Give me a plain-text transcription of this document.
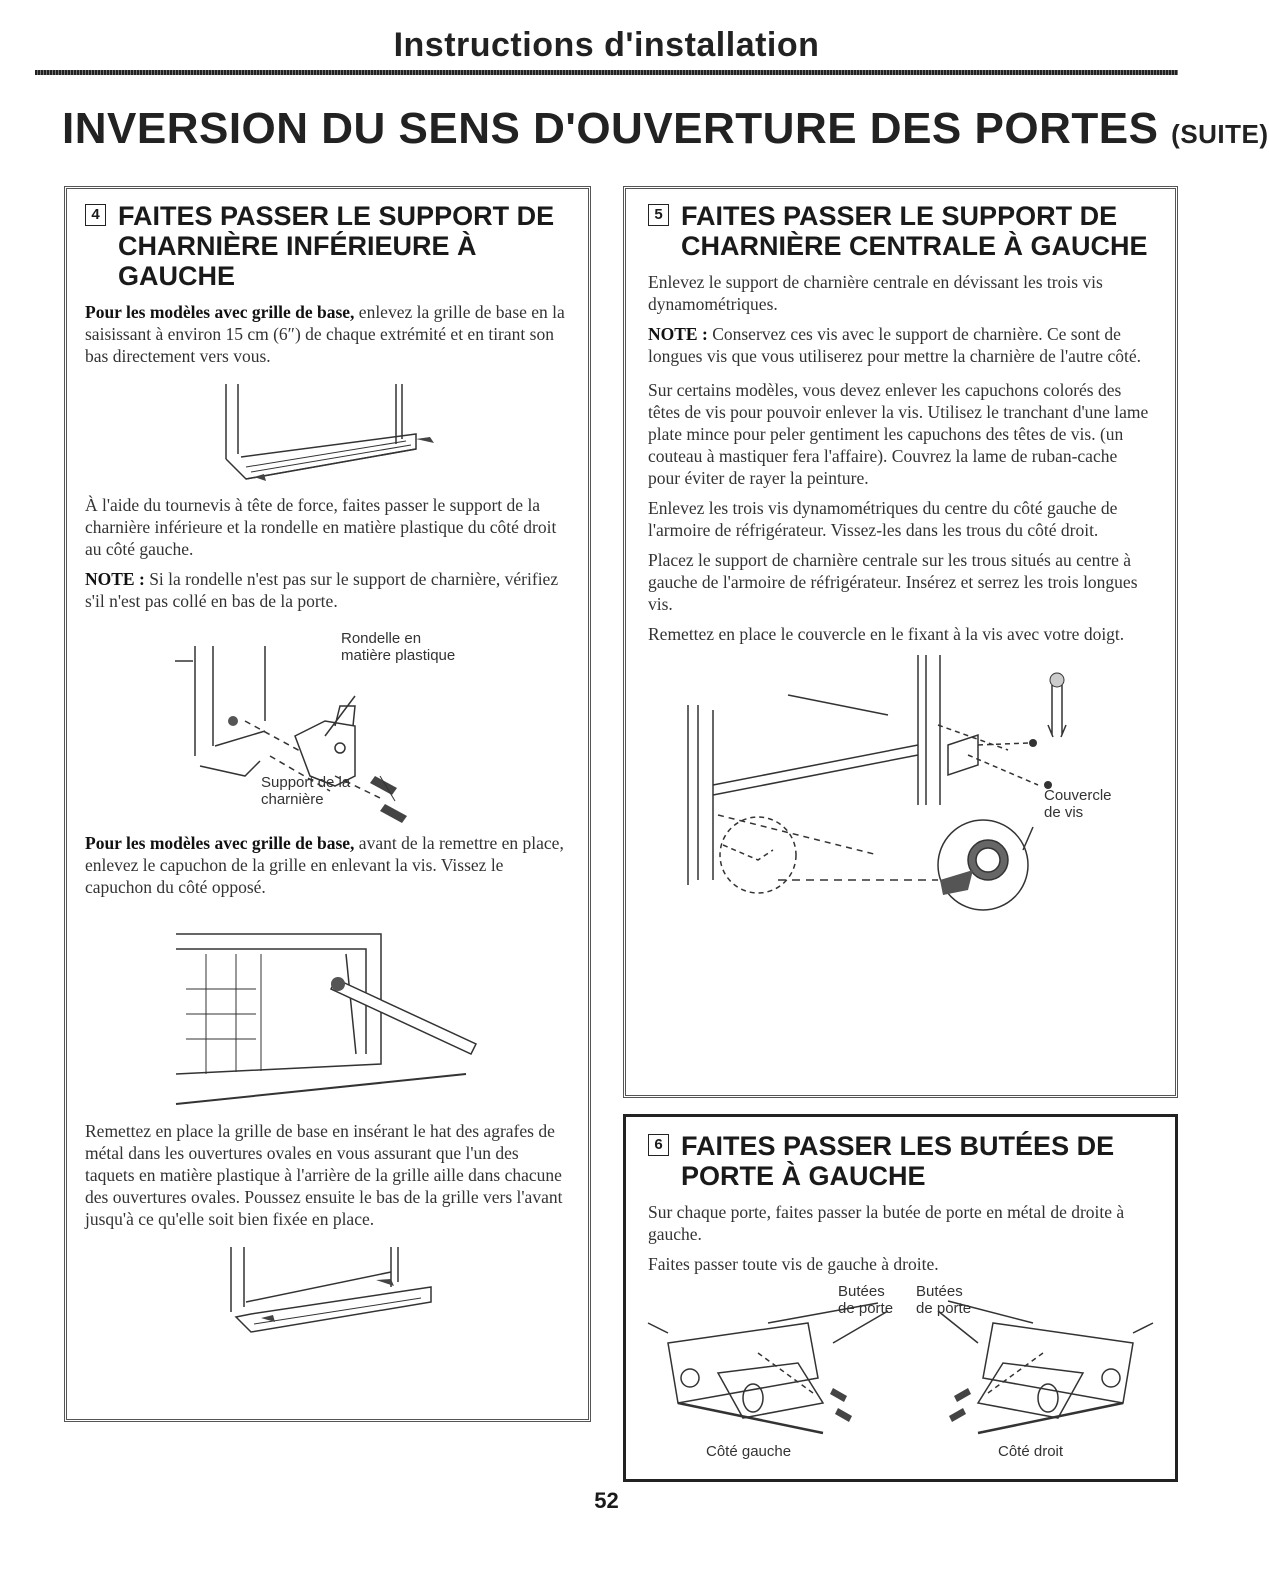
Instructions d'installation
INVERSION DU SENS D'OUVERTURE DES PORTES (SUITE)
4 FAITES PASSER LE SUPPORT DE CHARNIÈRE INFÉRIEURE À GAUCHE

Pour les modèles avec grille de base, enlevez la grille de base en la saisissant à environ 15 cm (6″) de chaque extrémité et en tirant son bas directement vers vous.

À l'aide du tournevis à tête de force, faites passer le support de la charnière inférieure et la rondelle en matière plastique du côté droit au côté gauche.

NOTE : Si la rondelle n'est pas sur le support de charnière, vérifiez s'il n'est pas collé en bas de la porte.

Rondelle en
matière plastique
Support de la
charnière

Pour les modèles avec grille de base, avant de la remettre en place, enlevez le capuchon de la grille en enlevant la vis. Vissez le capuchon du côté opposé.

Remettez en place la grille de base en insérant le hat des agrafes de métal dans les ouvertures ovales en vous assurant que l'un des taquets en matière plastique à l'arrière de la grille aille dans chacune des ouvertures ovales. Poussez ensuite le bas de la grille vers l'avant jusqu'à ce qu'elle soit bien fixée en place.

5 FAITES PASSER LE SUPPORT DE CHARNIÈRE CENTRALE À GAUCHE

Enlevez le support de charnière centrale en dévissant les trois vis dynamométriques.

NOTE : Conservez ces vis avec le support de charnière. Ce sont de longues vis que vous utiliserez pour mettre la charnière de l'autre côté.

Sur certains modèles, vous devez enlever les capuchons colorés des têtes de vis pour pouvoir enlever la vis. Utilisez le tranchant d'une lame plate mince pour peler gentiment les capuchons des têtes de vis. (un couteau à mastiquer fera l'affaire). Couvrez la lame de ruban-cache pour éviter de rayer la peinture.

Enlevez les trois vis dynamométriques du centre du côté gauche de l'armoire de réfrigérateur. Vissez-les dans les trous du côté droit.

Placez le support de charnière centrale sur les trous situés au centre à gauche de l'armoire de réfrigérateur. Insérez et serrez les trois longues vis.

Remettez en place le couvercle en le fixant à la vis avec votre doigt.

Couvercle
de vis
6 FAITES PASSER LES BUTÉES DE PORTE À GAUCHE

Sur chaque porte, faites passer la butée de porte en métal de droite à gauche.

Faites passer toute vis de gauche à droite.

Butées
de porte
Butées
de porte
Côté gauche	Côté droit
52
